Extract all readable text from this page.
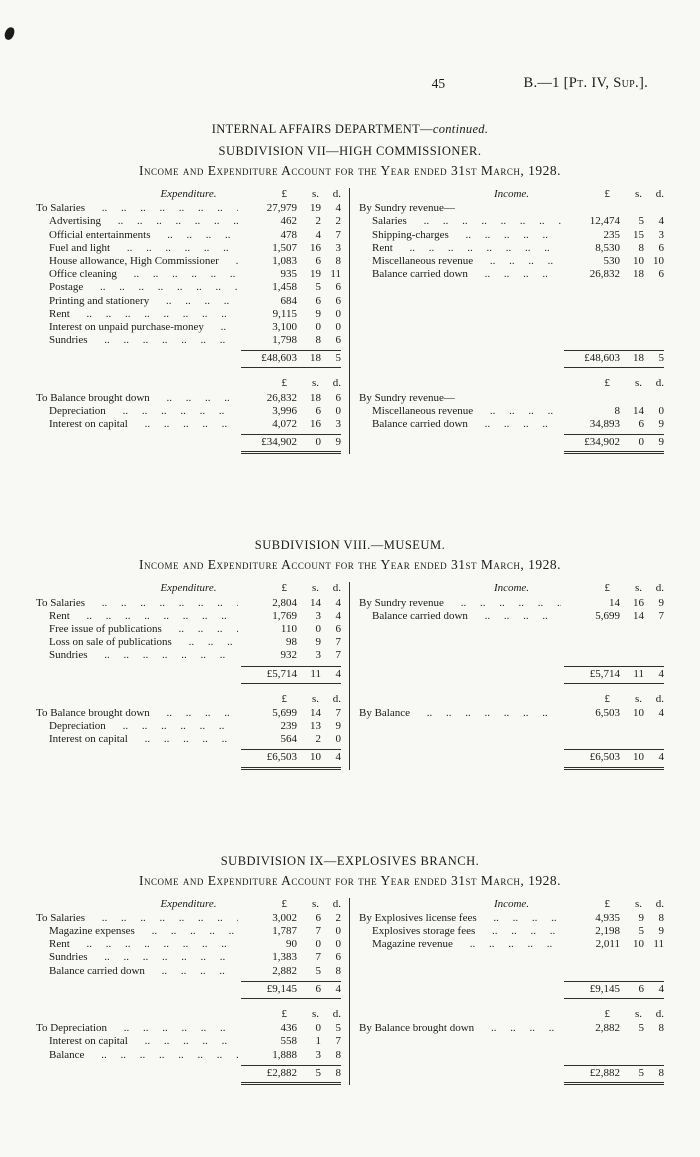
45	B.—1 [Pt. IV, Sup.].
INTERNAL AFFAIRS DEPARTMENT—continued.
SUBDIVISION VII—HIGH COMMISSIONER.
Income and Expenditure Account for the Year ended 31st March, 1928.
Expenditure.	£	s.	d.
To Salaries .. ..	27,979	19	4
Advertising .. ..	462	2	2
Official entertainments .. ..	478	4	7
Fuel and light .. ..	1,507	16	3
House allowance, High Commissioner .. ..	1,083	6	8
Office cleaning .. ..	935	19 11
Postage .. ..	1,458	5	6
Printing and stationery .. ..	684	6	6
Rent .. ..	9,115	9	0
Interest on unpaid purchase-money .. ..	3,100	0	0
Sundries .. ..	1,798	8	6
£48,603	18	5
Income.	£	s.	d.
By Sundry revenue—
Salaries .. ..	12,474	5	4
Shipping-charges .. ..	235	15	3
Rent .. ..	8,530	8	6
Miscellaneous revenue .. ..	530	10 10
Balance carried down .. ..	26,832	18	6
£48,603	18	5
£	s.	d.
To Balance brought down .. ..	26,832	18	6
Depreciation .. ..	3,996	6	0
Interest on capital .. ..	4,072	16	3
£34,902	0	9
£	s.	d.
By Sundry revenue—
Miscellaneous revenue .. ..	8	14	0
Balance carried down .. ..	34,893	6	9
£34,902	0	9
SUBDIVISION VIII.—MUSEUM.
Income and Expenditure Account for the Year ended 31st March, 1928.
Expenditure.	£	s.	d.
To Salaries .. ..	2,804	14	4
Rent .. ..	1,769	3	4
Free issue of publications .. ..	110	0	6
Loss on sale of publications .. ..	98	9	7
Sundries .. ..	932	3	7
£5,714	11	4
Income.	£	s.	d.
By Sundry revenue .. ..	14	16	9
Balance carried down .. ..	5,699	14	7
£5,714	11	4
£	s.	d.
To Balance brought down .. ..	5,699	14	7
Depreciation .. ..	239	13	9
Interest on capital .. ..	564	2	0
£6,503	10	4
£	s.	d.
By Balance .. ..	6,503	10	4
£6,503	10	4
SUBDIVISION IX—EXPLOSIVES BRANCH.
Income and Expenditure Account for the Year ended 31st March, 1928.
Expenditure.	£	s.	d.
To Salaries .. ..	3,002	6	2
Magazine expenses .. ..	1,787	7	0
Rent .. ..	90	0	0
Sundries .. ..	1,383	7	6
Balance carried down .. ..	2,882	5	8
£9,145	6	4
Income.	£	s.	d.
By Explosives license fees .. ..	4,935	9	8
Explosives storage fees .. ..	2,198	5	9
Magazine revenue .. ..	2,011	10 11
£9,145	6	4
£	s.	d.
To Depreciation .. ..	436	0	5
Interest on capital .. ..	558	1	7
Balance .. ..	1,888	3	8
£2,882	5	8
£	s.	d.
By Balance brought down .. ..	2,882	5	8
£2,882	5	8
